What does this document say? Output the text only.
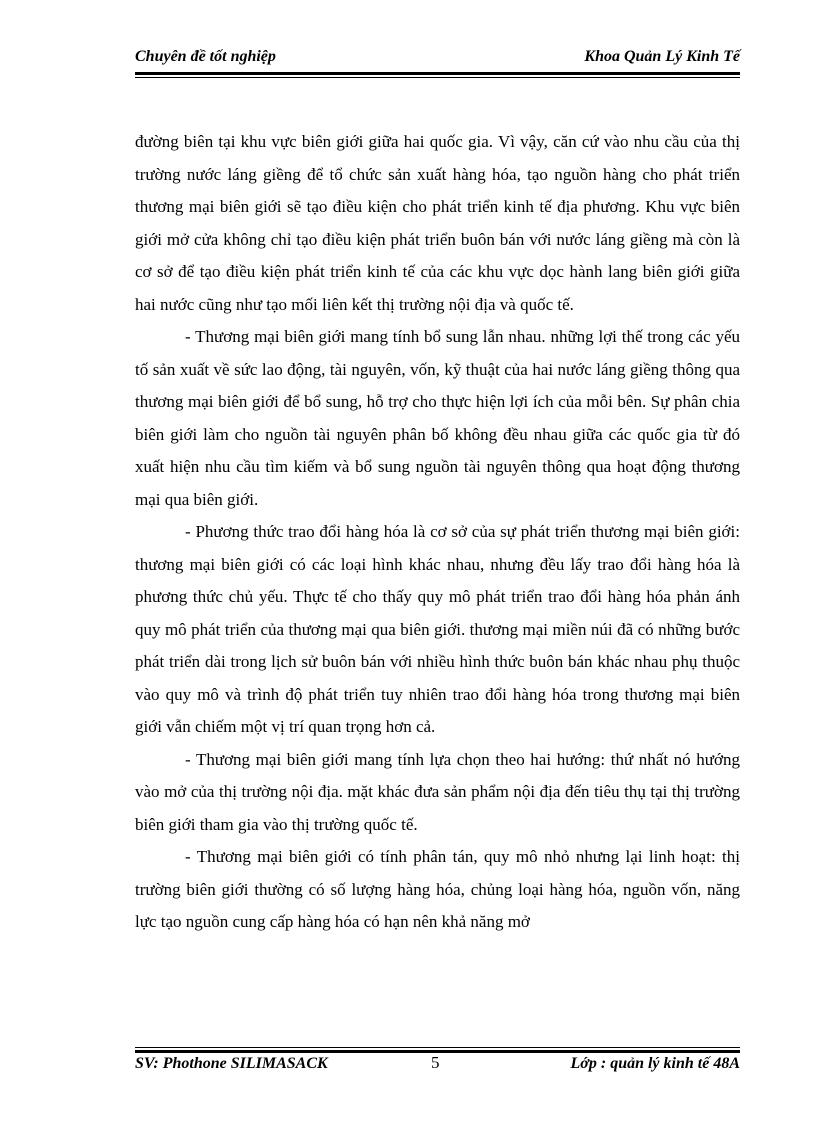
Chuyên đề tốt nghiệp	Khoa Quản Lý Kinh Tế

đường biên tại khu vực biên giới giữa hai quốc gia. Vì vậy, căn cứ vào nhu cầu của thị trường nước láng giềng để tổ chức sản xuất hàng hóa, tạo nguồn hàng cho phát triển thương mại biên giới sẽ tạo điều kiện cho phát triển kinh tế địa phương. Khu vực biên giới mở cửa không chỉ tạo điều kiện phát triển buôn bán với nước láng giềng mà còn là cơ sở để tạo điều kiện phát triển kinh tế của các khu vực dọc hành lang biên giới giữa hai nước cũng như tạo mối liên kết thị trường nội địa và quốc tế.

- Thương mại biên giới mang tính bổ sung lẫn nhau. những lợi thế trong các yếu tố sản xuất về sức lao động, tài nguyên, vốn, kỹ thuật của hai nước láng giềng thông qua thương mại biên giới để bổ sung, hỗ trợ cho thực hiện lợi ích của mỗi bên. Sự phân chia biên giới làm cho nguồn tài nguyên phân bố không đều nhau giữa các quốc gia từ đó xuất hiện nhu cầu tìm kiếm và bổ sung nguồn tài nguyên thông qua hoạt động thương mại qua biên giới.

- Phương thức trao đổi hàng hóa là cơ sở của sự phát triển thương mại biên giới: thương mại biên giới có các loại hình khác nhau, nhưng đều lấy trao đổi hàng hóa là phương thức chủ yếu. Thực tế cho thấy quy mô phát triển trao đổi hàng hóa phản ánh quy mô phát triển của thương mại qua biên giới. thương mại miền núi đã có những bước phát triển dài trong lịch sử buôn bán với nhiều hình thức buôn bán khác nhau phụ thuộc vào quy mô và trình độ phát triển tuy nhiên trao đổi hàng hóa trong thương mại biên giới vẫn chiếm một vị trí quan trọng hơn cả.

- Thương mại biên giới mang tính lựa chọn theo hai hướng: thứ nhất nó hướng vào mở của thị trường nội địa. mặt khác đưa sản phẩm nội địa đến tiêu thụ tại thị trường biên giới tham gia vào thị trường quốc tế.

- Thương mại biên giới có tính phân tán, quy mô nhỏ nhưng lại linh hoạt: thị trường biên giới thường có số lượng hàng hóa, chủng loại hàng hóa, nguồn vốn, năng lực tạo nguồn cung cấp hàng hóa có hạn nên khả năng mở

SV: Phothone SILIMASACK	5	Lớp : quản lý kinh tế 48A
